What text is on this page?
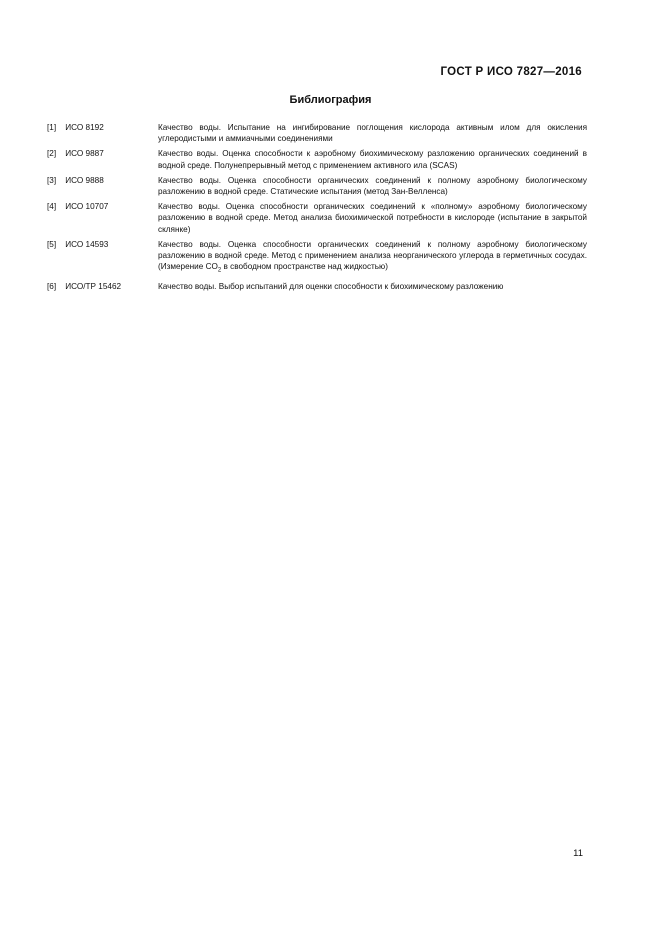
ГОСТ Р ИСО 7827—2016
Библиография
[1] ИСО 8192	Качество воды. Испытание на ингибирование поглощения кислорода активным илом для окисления углеродистыми и аммиачными соединениями
[2] ИСО 9887	Качество воды. Оценка способности к аэробному биохимическому разложению органических соединений в водной среде. Полунепрерывный метод с применением активного ила (SCAS)
[3] ИСО 9888	Качество воды. Оценка способности органических соединений к полному аэробному биологическому разложению в водной среде. Статические испытания (метод Зан-Велленса)
[4] ИСО 10707	Качество воды. Оценка способности органических соединений к «полному» аэробному биологическому разложению в водной среде. Метод анализа биохимической потребности в кислороде (испытание в закрытой склянке)
[5] ИСО 14593	Качество воды. Оценка способности органических соединений к полному аэробному биологическому разложению в водной среде. Метод с применением анализа неорганического углерода в герметичных сосудах. (Измерение $CO_2$ в свободном пространстве над жидкостью)
[6] ИСО/ТР 15462	Качество воды. Выбор испытаний для оценки способности к биохимическому разложению
11
